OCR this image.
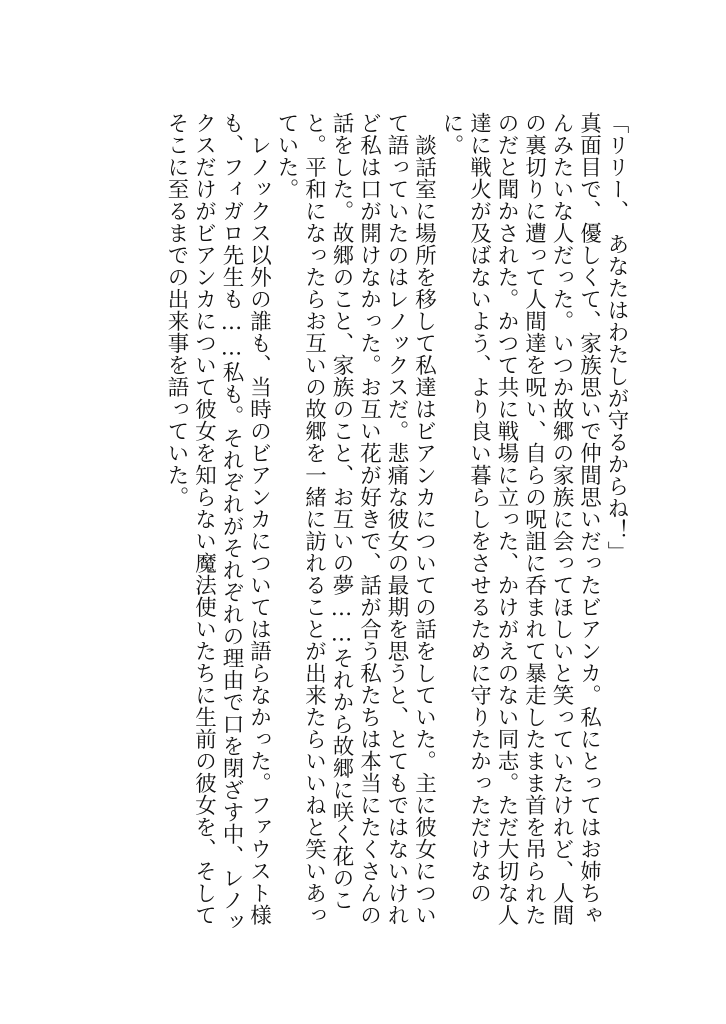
「リリー、　あなたはわたしが守るからね！」

真面目で、優しくて、家族思いで仲間思いだったビアンカ。私にとってはお姉ちゃんみたいな人だった。いつか故郷の家族に会ってほしいと笑っていたけれど、人間の裏切りに遭って人間達を呪い、自らの呪詛に呑まれて暴走したまま首を吊られたのだと聞かされた。かつて共に戦場に立った、かけがえのない同志。ただ大切な人達に戦火が及ばないよう、より良い暮らしをさせるために守りたかっただけなのに。

談話室に場所を移して私達はビアンカについての話をしていた。主に彼女について語っていたのはレノックスだ。悲痛な彼女の最期を思うと、とてもではないけれど私は口が開けなかった。お互い花が好きで、話が合う私たちは本当にたくさんの話をした。故郷のこと、家族のこと、お互いの夢……それから故郷に咲く花のこと。平和になったらお互いの故郷を一緒に訪れることが出来たらいいねと笑いあっていた。

レノックス以外の誰も、当時のビアンカについては語らなかった。ファウスト様も、フィガロ先生も……私も。それぞれがそれぞれの理由で口を閉ざす中、レノックスだけがビアンカについて彼女を知らない魔法使いたちに生前の彼女を、そしてそこに至るまでの出来事を語っていた。
